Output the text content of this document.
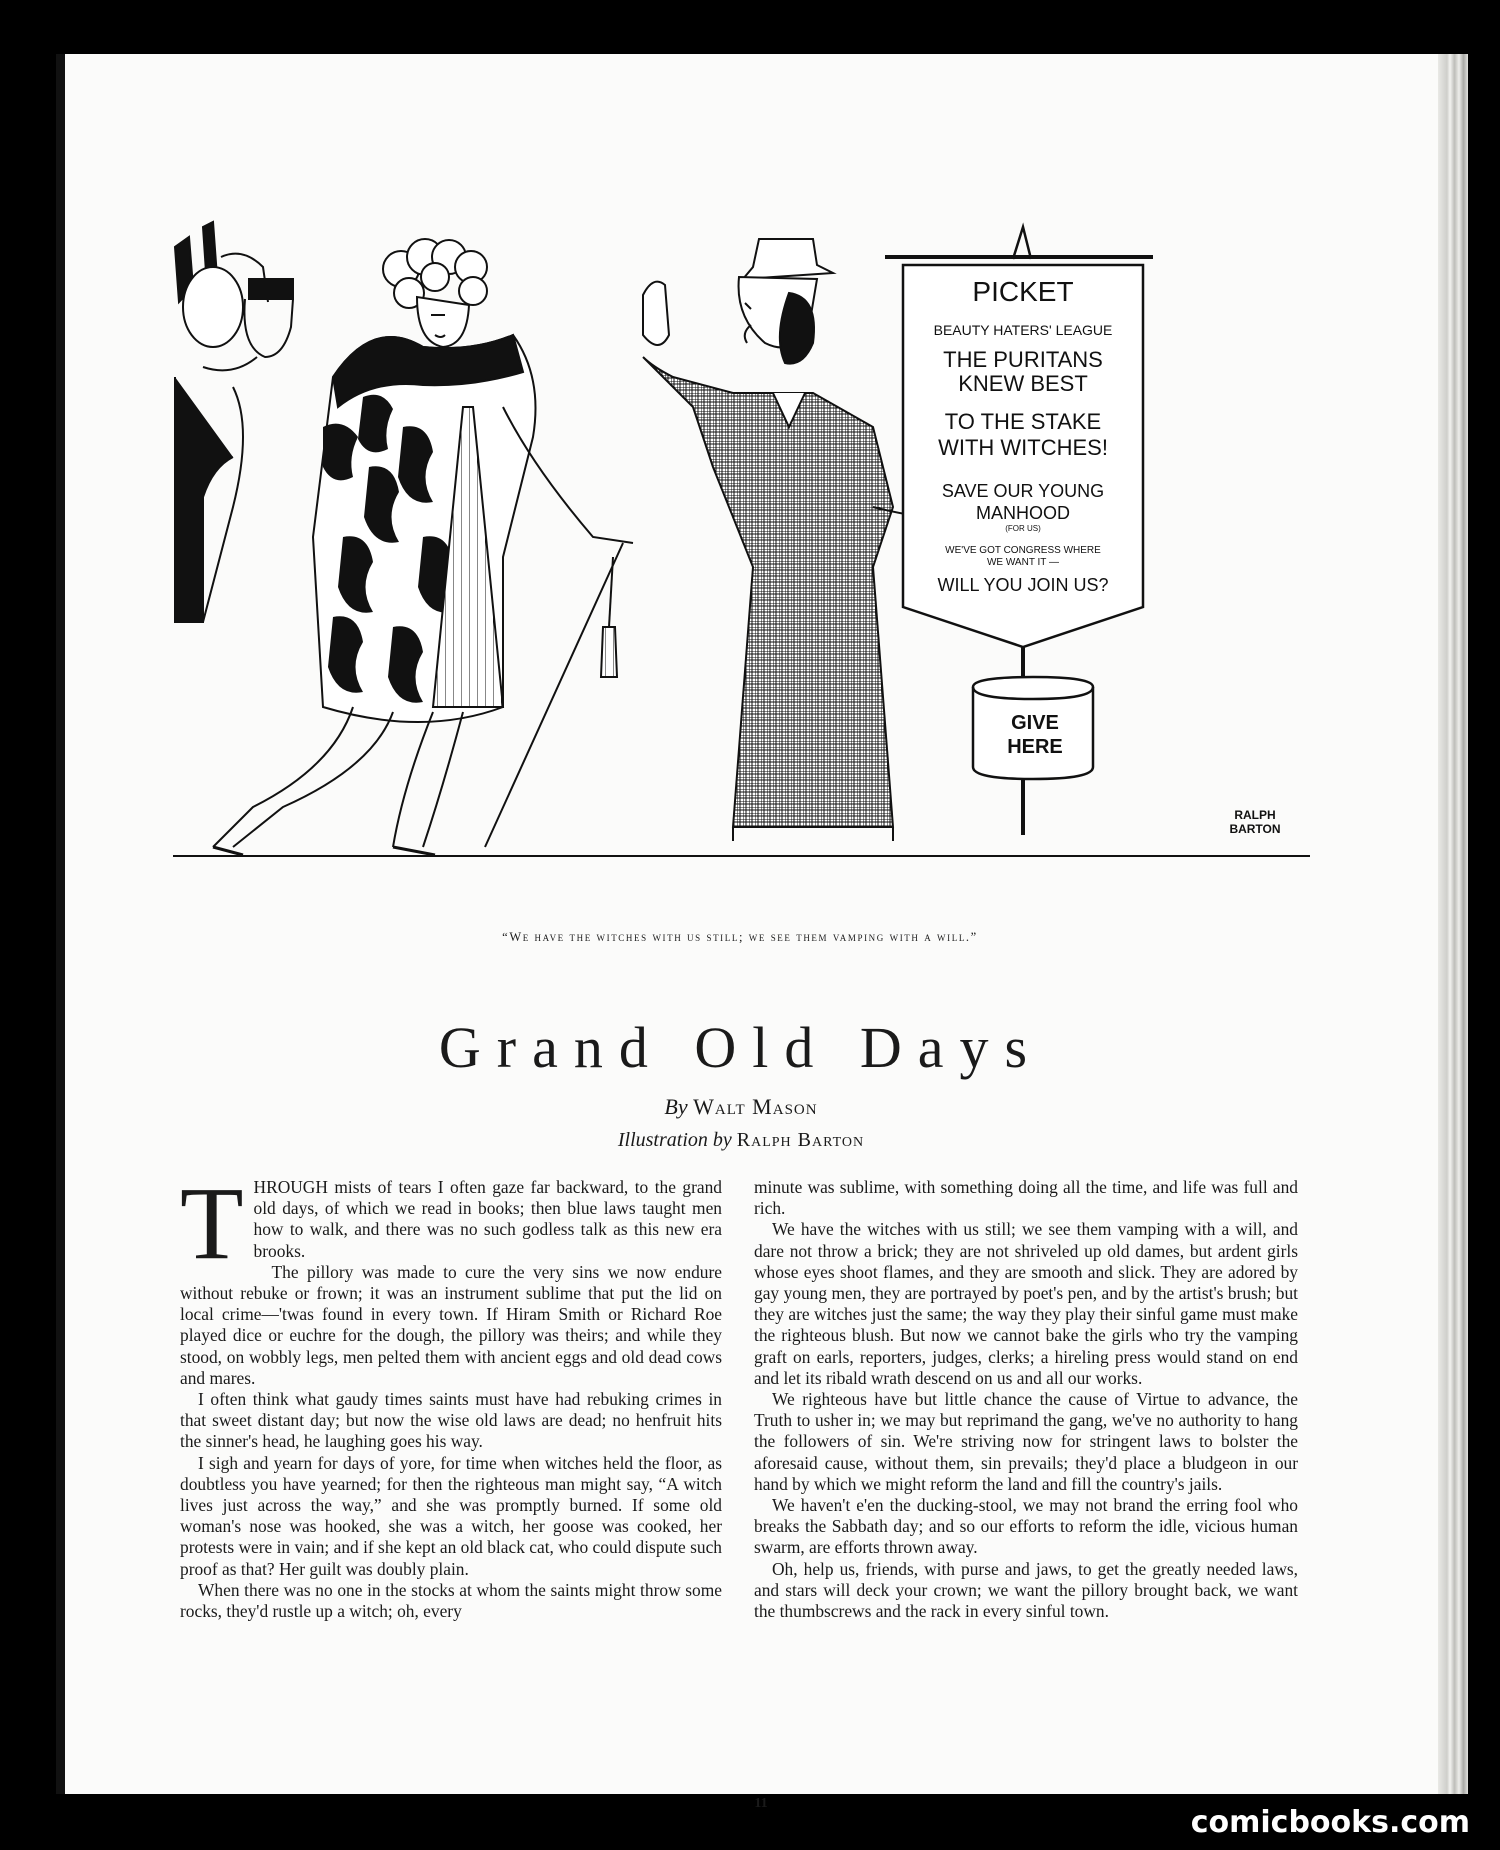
PICKET
BEAUTY HATERS' LEAGUE
THE PURITANS
KNEW BEST
TO THE STAKE
WITH WITCHES!
SAVE OUR YOUNG
MANHOOD
(FOR US)
WE'VE GOT CONGRESS WHERE
WE WANT IT —
WILL YOU JOIN US?
GIVE
HERE
RALPH
BARTON
“We have the witches with us still; we see them vamping with a will.”
Grand Old Days
By Walt Mason
Illustration by Ralph Barton

THROUGH mists of tears I often gaze far backward, to the grand old days, of which we read in books; then blue laws taught men how to walk, and there was no such godless talk as this new era brooks.

The pillory was made to cure the very sins we now endure without rebuke or frown; it was an instrument sublime that put the lid on local crime—'twas found in every town. If Hiram Smith or Richard Roe played dice or euchre for the dough, the pillory was theirs; and while they stood, on wobbly legs, men pelted them with ancient eggs and old dead cows and mares.

I often think what gaudy times saints must have had rebuking crimes in that sweet distant day; but now the wise old laws are dead; no henfruit hits the sinner's head, he laughing goes his way.

I sigh and yearn for days of yore, for time when witches held the floor, as doubtless you have yearned; for then the righteous man might say, “A witch lives just across the way,” and she was promptly burned. If some old woman's nose was hooked, she was a witch, her goose was cooked, her protests were in vain; and if she kept an old black cat, who could dispute such proof as that? Her guilt was doubly plain.

When there was no one in the stocks at whom the saints might throw some rocks, they'd rustle up a witch; oh, every

minute was sublime, with something doing all the time, and life was full and rich.

We have the witches with us still; we see them vamping with a will, and dare not throw a brick; they are not shriveled up old dames, but ardent girls whose eyes shoot flames, and they are smooth and slick. They are adored by gay young men, they are portrayed by poet's pen, and by the artist's brush; but they are witches just the same; the way they play their sinful game must make the righteous blush. But now we cannot bake the girls who try the vamping graft on earls, reporters, judges, clerks; a hireling press would stand on end and let its ribald wrath descend on us and all our works.

We righteous have but little chance the cause of Virtue to advance, the Truth to usher in; we may but reprimand the gang, we've no authority to hang the followers of sin. We're striving now for stringent laws to bolster the aforesaid cause, without them, sin prevails; they'd place a bludgeon in our hand by which we might reform the land and fill the country's jails.

We haven't e'en the ducking-stool, we may not brand the erring fool who breaks the Sabbath day; and so our efforts to reform the idle, vicious human swarm, are efforts thrown away.

Oh, help us, friends, with purse and jaws, to get the greatly needed laws, and stars will deck your crown; we want the pillory brought back, we want the thumbscrews and the rack in every sinful town.

11
comicbooks.com
